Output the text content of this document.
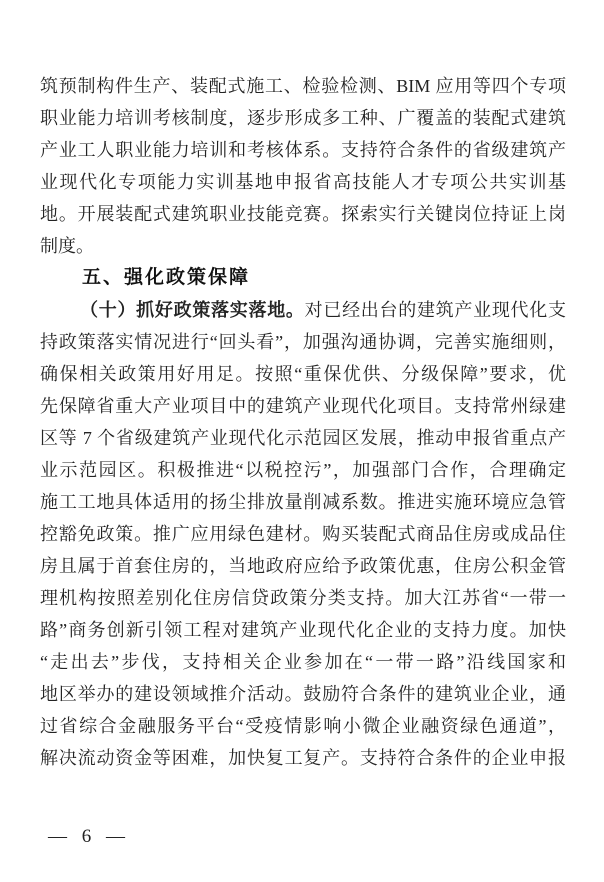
筑预制构件生产、装配式施工、检验检测、BIM 应用等四个专项
职业能力培训考核制度，逐步形成多工种、广覆盖的装配式建筑
产业工人职业能力培训和考核体系。支持符合条件的省级建筑产
业现代化专项能力实训基地申报省高技能人才专项公共实训基
地。开展装配式建筑职业技能竞赛。探索实行关键岗位持证上岗
制度。
五、强化政策保障
（十）抓好政策落实落地。对已经出台的建筑产业现代化支
持政策落实情况进行“回头看”，加强沟通协调，完善实施细则，
确保相关政策用好用足。按照“重保优供、分级保障”要求，优
先保障省重大产业项目中的建筑产业现代化项目。支持常州绿建
区等 7 个省级建筑产业现代化示范园区发展，推动申报省重点产
业示范园区。积极推进“以税控污”，加强部门合作，合理确定
施工工地具体适用的扬尘排放量削减系数。推进实施环境应急管
控豁免政策。推广应用绿色建材。购买装配式商品住房或成品住
房且属于首套住房的，当地政府应给予政策优惠，住房公积金管
理机构按照差别化住房信贷政策分类支持。加大江苏省“一带一
路”商务创新引领工程对建筑产业现代化企业的支持力度。加快
“走出去”步伐，支持相关企业参加在“一带一路”沿线国家和
地区举办的建设领域推介活动。鼓励符合条件的建筑业企业，通
过省综合金融服务平台“受疫情影响小微企业融资绿色通道”，
解决流动资金等困难，加快复工复产。支持符合条件的企业申报
— 6 —
